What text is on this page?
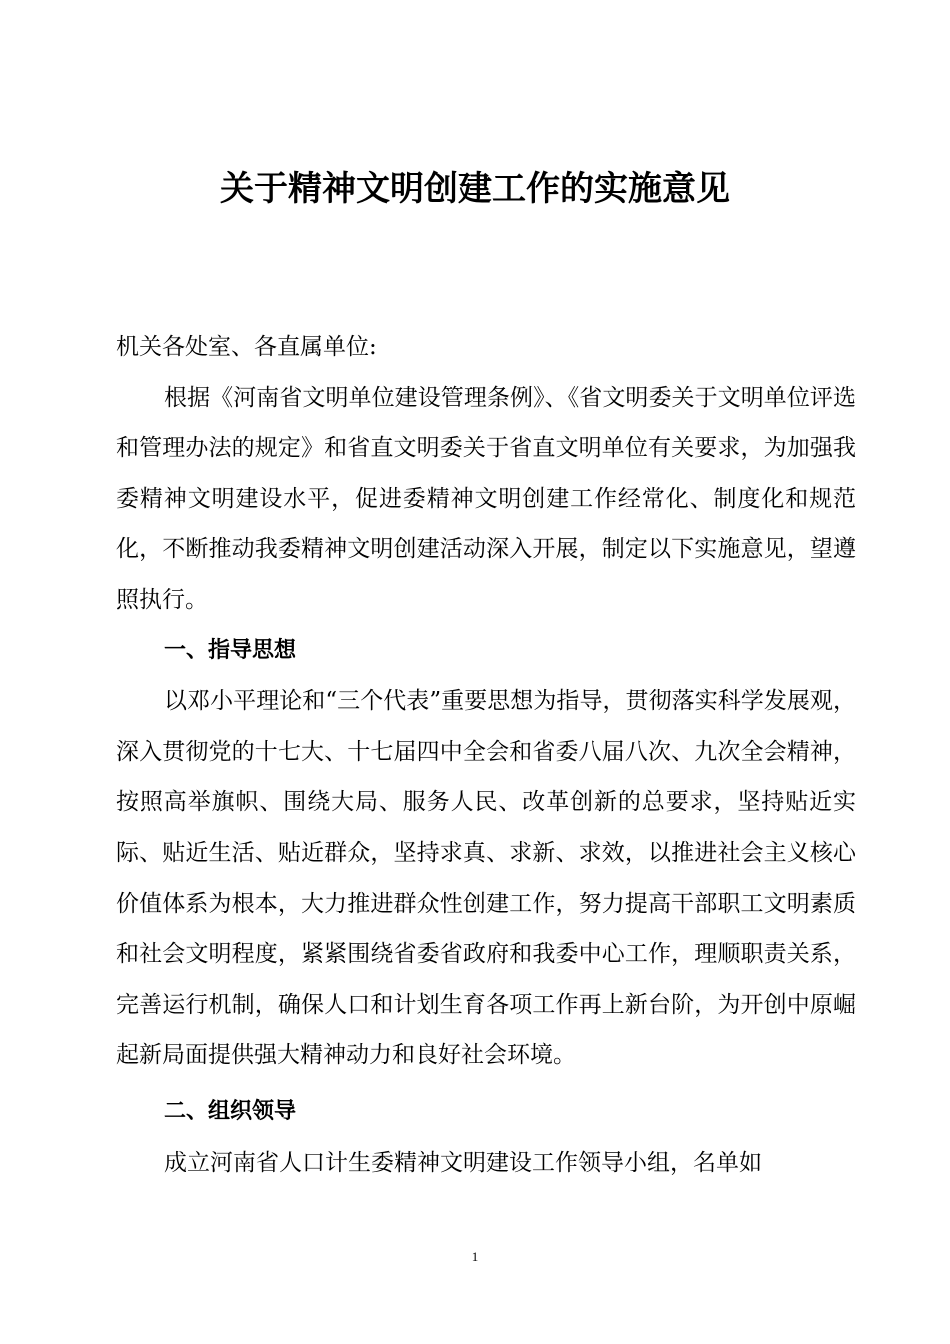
关于精神文明创建工作的实施意见

机关各处室、各直属单位:

根据《河南省文明单位建设管理条例》、《省文明委关于文明单位评选和管理办法的规定》和省直文明委关于省直文明单位有关要求，为加强我委精神文明建设水平，促进委精神文明创建工作经常化、制度化和规范化，不断推动我委精神文明创建活动深入开展，制定以下实施意见，望遵照执行。

一、指导思想

以邓小平理论和“三个代表”重要思想为指导，贯彻落实科学发展观，深入贯彻党的十七大、十七届四中全会和省委八届八次、九次全会精神，按照高举旗帜、围绕大局、服务人民、改革创新的总要求，坚持贴近实际、贴近生活、贴近群众，坚持求真、求新、求效，以推进社会主义核心价值体系为根本，大力推进群众性创建工作，努力提高干部职工文明素质和社会文明程度，紧紧围绕省委省政府和我委中心工作，理顺职责关系，完善运行机制，确保人口和计划生育各项工作再上新台阶，为开创中原崛起新局面提供强大精神动力和良好社会环境。

二、组织领导

成立河南省人口计生委精神文明建设工作领导小组，名单如

1
